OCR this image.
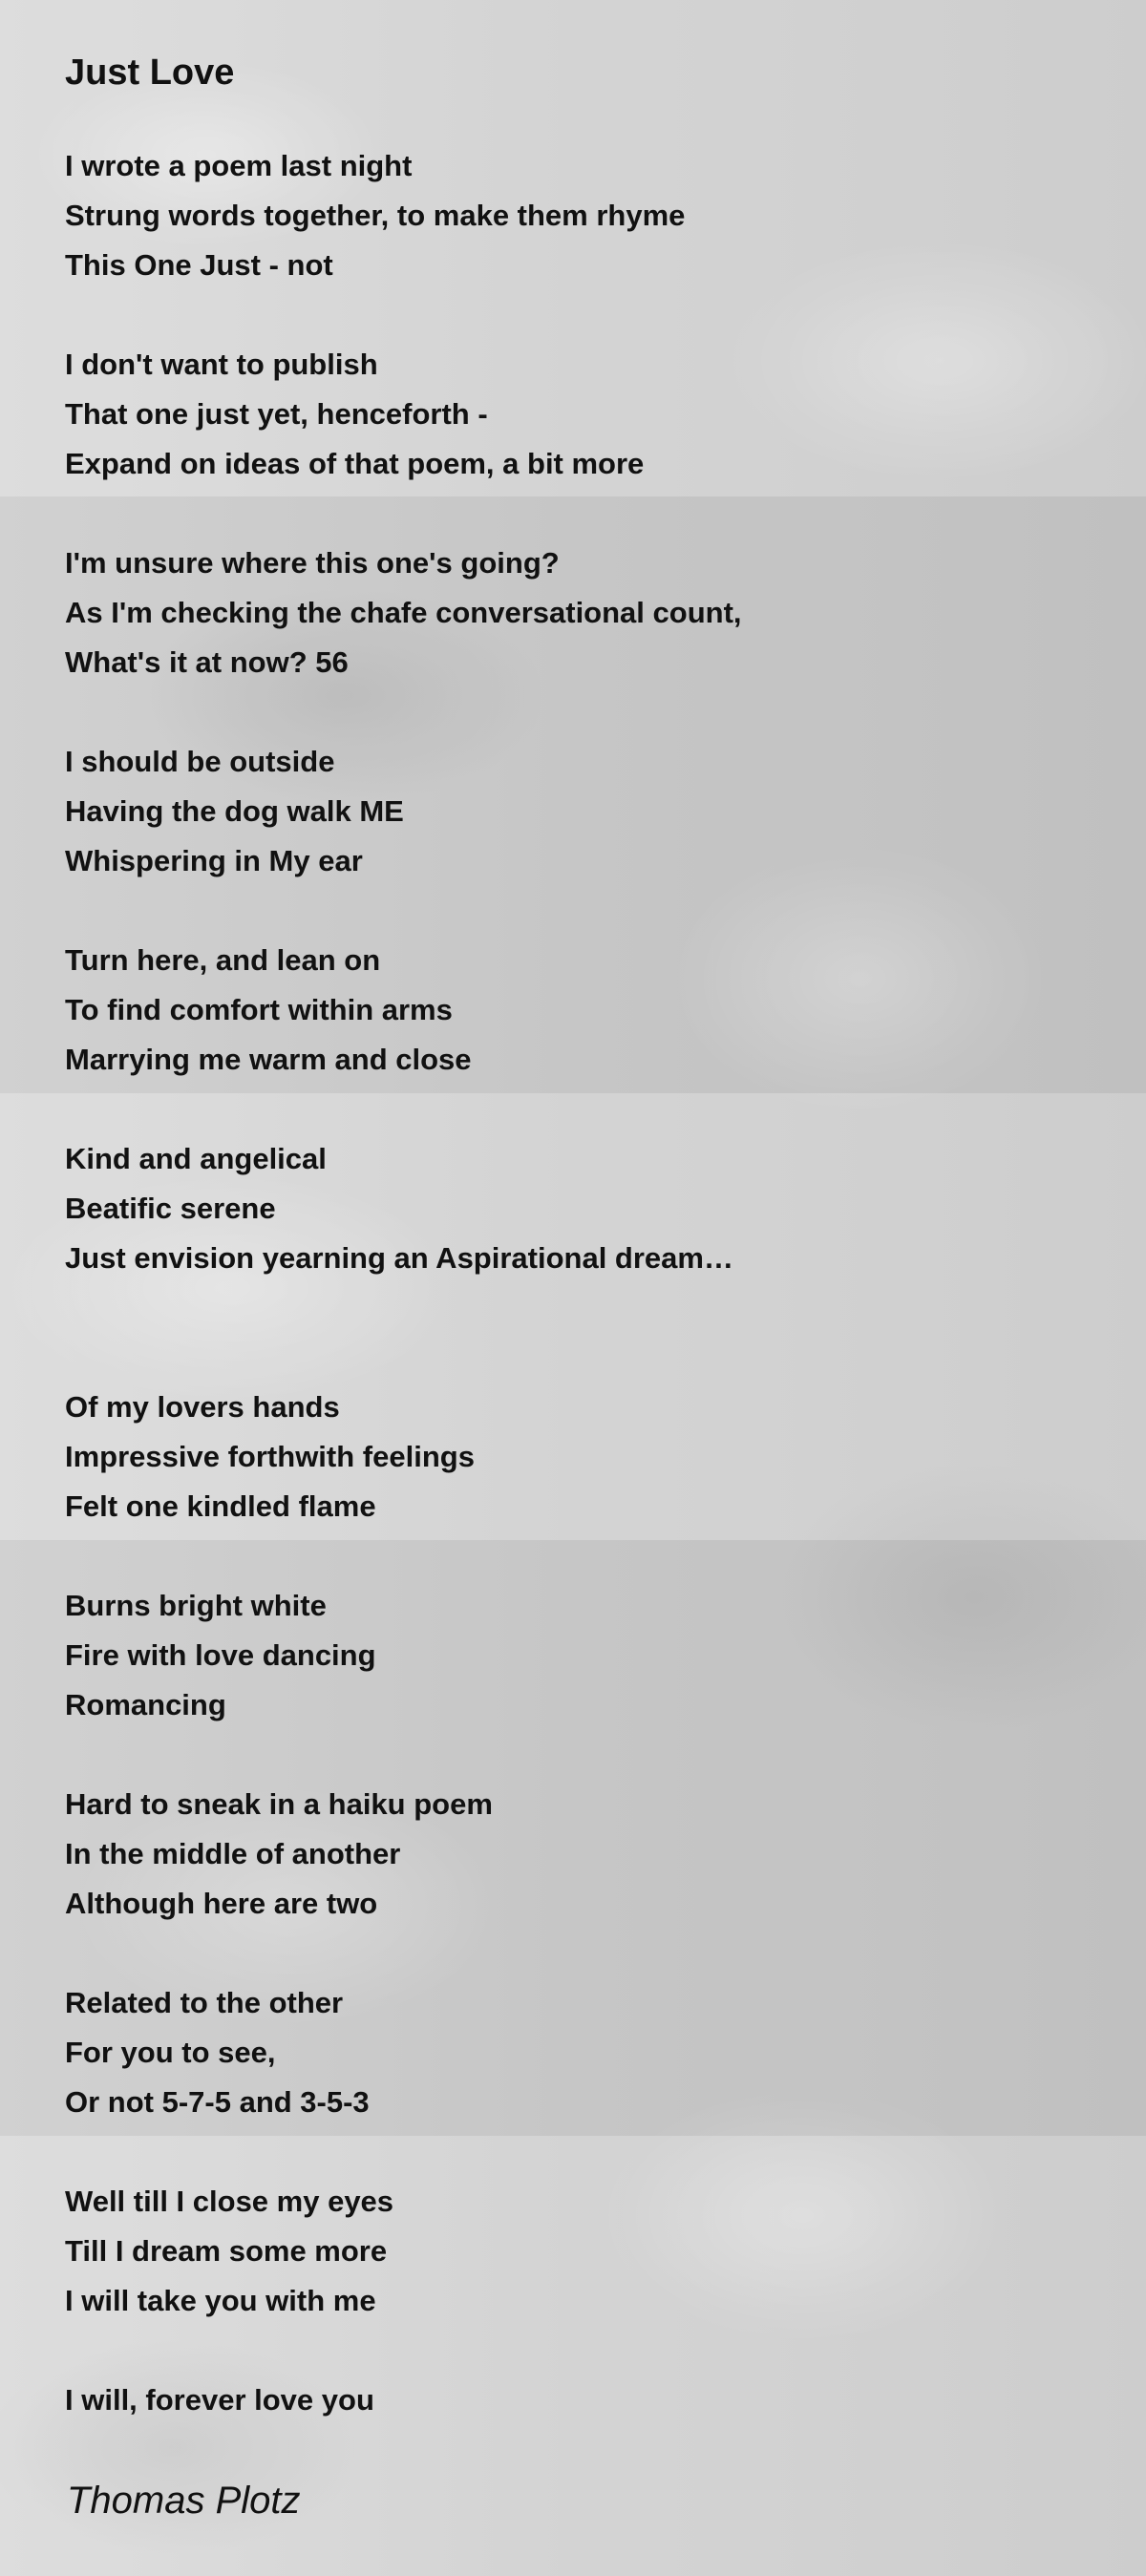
Just Love
I wrote a poem last night
Strung words together, to make them rhyme
This One Just - not
I don't want to publish
That one just yet, henceforth -
Expand on ideas of that poem, a bit more
I'm unsure where this one's going?
As I'm checking the chafe conversational count,
What's it at now? 56
I should be outside
Having the dog walk ME
Whispering in My ear
Turn here, and lean on
To find comfort within arms
Marrying me warm and close
Kind and angelical
Beatific serene
Just envision yearning an Aspirational dream…
Of my lovers hands
Impressive forthwith feelings
Felt one kindled flame
Burns bright white
Fire with love dancing
Romancing
Hard to sneak in a haiku poem
In the middle of another
Although here are two
Related to the other
For you to see,
Or not 5-7-5 and 3-5-3
Well till I close my eyes
Till I dream some more
I will take you with me
I will, forever love you
Thomas Plotz
